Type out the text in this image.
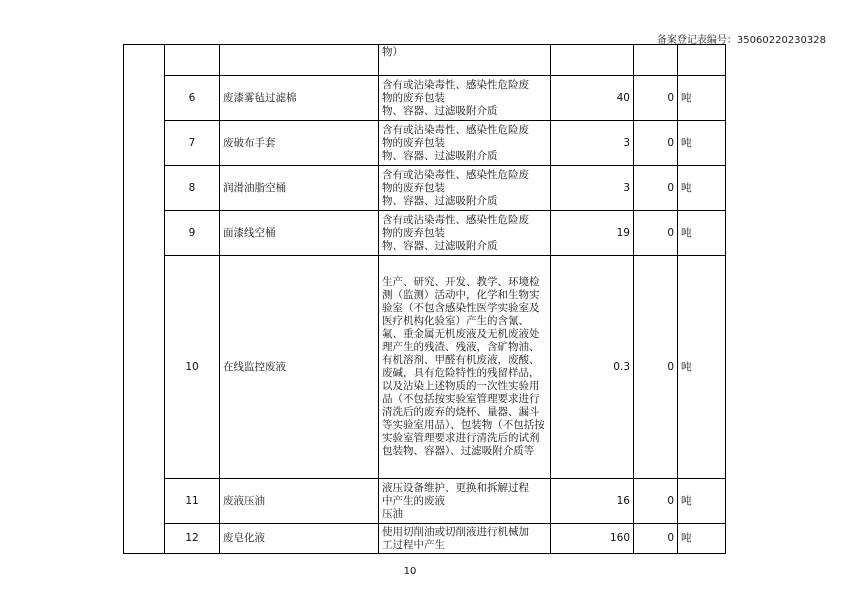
备案登记表编号：35060220230328
			物）			
	6	废漆雾毡过滤棉	含有或沾染毒性、感染性危险废
物的废弃包装
物、容器、过滤吸附介质	40	0	吨
	7	废破布手套	含有或沾染毒性、感染性危险废
物的废弃包装
物、容器、过滤吸附介质	3	0	吨
	8	润滑油脂空桶	含有或沾染毒性、感染性危险废
物的废弃包装
物、容器、过滤吸附介质	3	0	吨
	9	面漆线空桶	含有或沾染毒性、感染性危险废
物的废弃包装
物、容器、过滤吸附介质	19	0	吨
	10	在线监控废液	生产、研究、开发、教学、环境检测（监测）活动中，化学和生物实验室（不包含感染性医学实验室及医疗机构化验室）产生的含氰、氟、重金属无机废液及无机废液处理产生的残渣、残液，含矿物油、有机溶剂、甲醛有机废液，废酸、废碱，具有危险特性的残留样品，以及沾染上述物质的一次性实验用品（不包括按实验室管理要求进行清洗后的废弃的烧杯、量器、漏斗等实验室用品）、包装物（不包括按实验室管理要求进行清洗后的试剂包装物、容器）、过滤吸附介质等	0.3	0	吨
	11	废液压油	液压设备维护、更换和拆解过程
中产生的废液
压油	16	0	吨
	12	废皂化液	使用切削油或切削液进行机械加
工过程中产生	160	0	吨
10
